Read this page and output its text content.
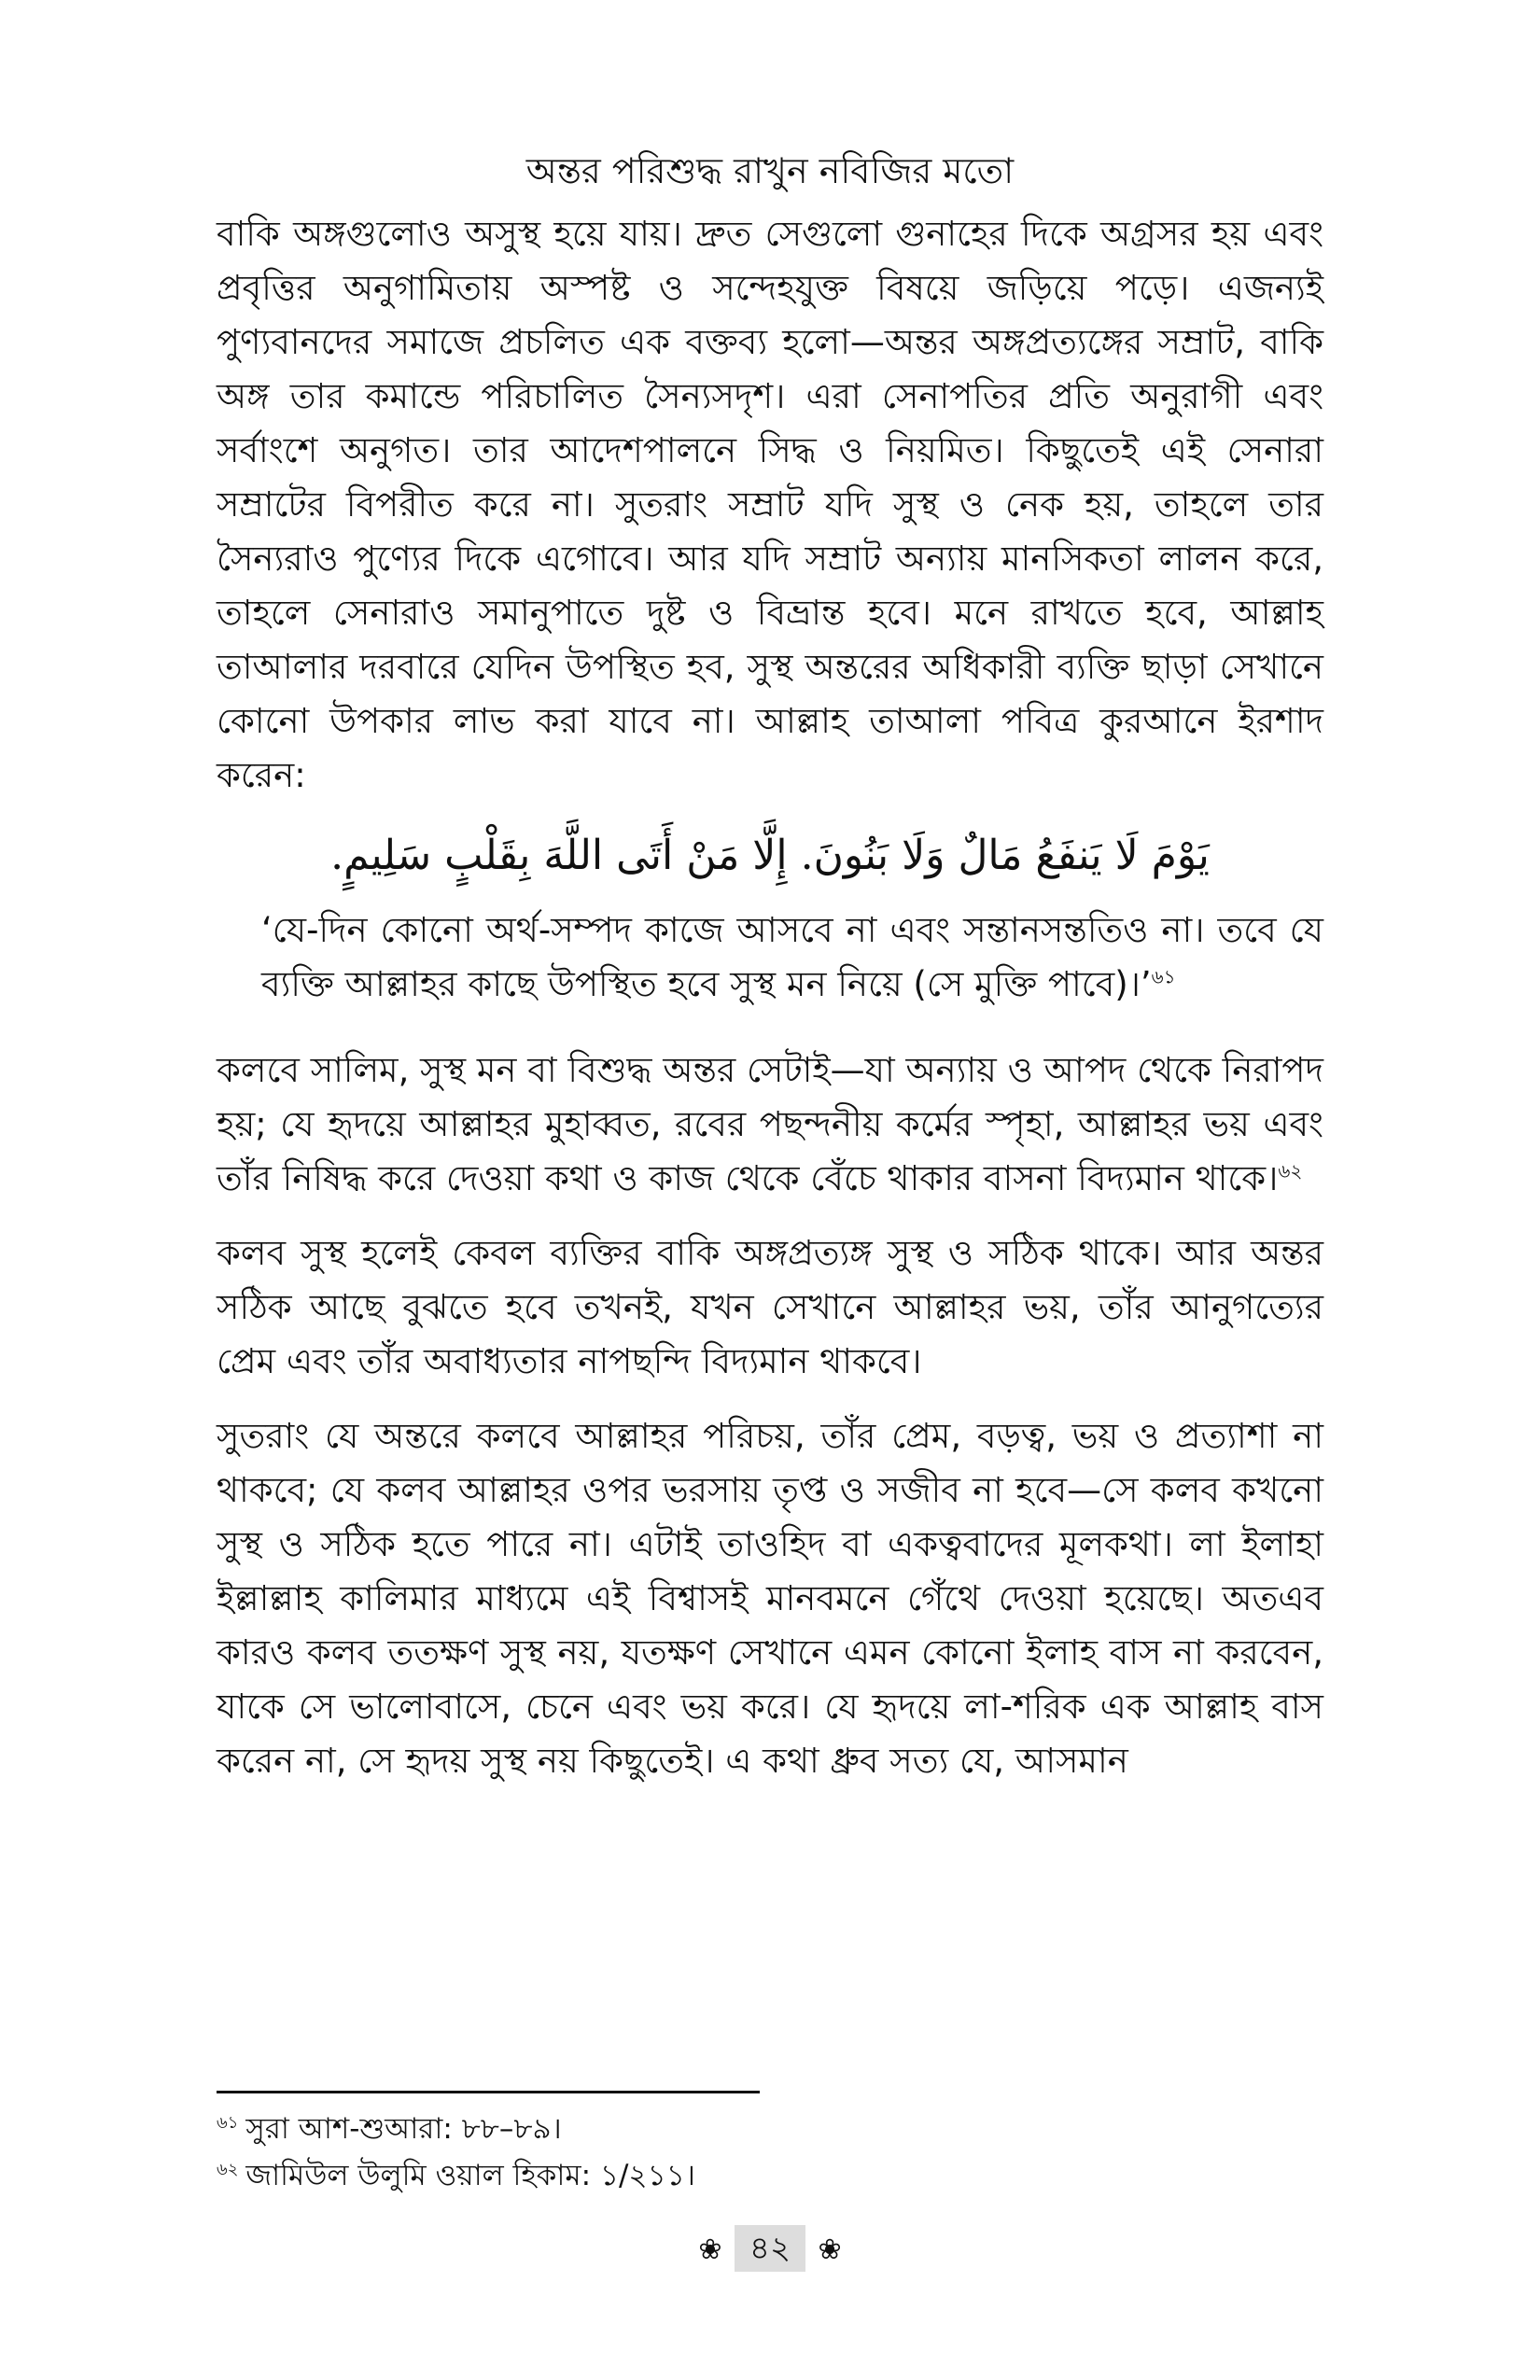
অন্তর পরিশুদ্ধ রাখুন নবিজির মতো

বাকি অঙ্গগুলোও অসুস্থ হয়ে যায়। দ্রুত সেগুলো গুনাহের দিকে অগ্রসর হয় এবং প্রবৃত্তির অনুগামিতায় অস্পষ্ট ও সন্দেহযুক্ত বিষয়ে জড়িয়ে পড়ে। এজন্যই পুণ্যবানদের সমাজে প্রচলিত এক বক্তব্য হলো—অন্তর অঙ্গপ্রত্যঙ্গের সম্রাট, বাকি অঙ্গ তার কমান্ডে পরিচালিত সৈন্যসদৃশ। এরা সেনাপতির প্রতি অনুরাগী এবং সর্বাংশে অনুগত। তার আদেশপালনে সিদ্ধ ও নিয়মিত। কিছুতেই এই সেনারা সম্রাটের বিপরীত করে না। সুতরাং সম্রাট যদি সুস্থ ও নেক হয়, তাহলে তার সৈন্যরাও পুণ্যের দিকে এগোবে। আর যদি সম্রাট অন্যায় মানসিকতা লালন করে, তাহলে সেনারাও সমানুপাতে দুষ্ট ও বিভ্রান্ত হবে। মনে রাখতে হবে, আল্লাহ তাআলার দরবারে যেদিন উপস্থিত হব, সুস্থ অন্তরের অধিকারী ব্যক্তি ছাড়া সেখানে কোনো উপকার লাভ করা যাবে না। আল্লাহ তাআলা পবিত্র কুরআনে ইরশাদ করেন:

يَوْمَ لَا يَنفَعُ مَالٌ وَلَا بَنُونَ. إِلَّا مَنْ أَتَى اللَّهَ بِقَلْبٍ سَلِيمٍ.

‘যে-দিন কোনো অর্থ-সম্পদ কাজে আসবে না এবং সন্তানসন্ততিও না। তবে যে ব্যক্তি আল্লাহর কাছে উপস্থিত হবে সুস্থ মন নিয়ে (সে মুক্তি পাবে)।’$^{৬১}$

কলবে সালিম, সুস্থ মন বা বিশুদ্ধ অন্তর সেটাই—যা অন্যায় ও আপদ থেকে নিরাপদ হয়; যে হৃদয়ে আল্লাহর মুহাব্বত, রবের পছন্দনীয় কর্মের স্পৃহা, আল্লাহর ভয় এবং তাঁর নিষিদ্ধ করে দেওয়া কথা ও কাজ থেকে বেঁচে থাকার বাসনা বিদ্যমান থাকে।$^{৬২}$

কলব সুস্থ হলেই কেবল ব্যক্তির বাকি অঙ্গপ্রত্যঙ্গ সুস্থ ও সঠিক থাকে। আর অন্তর সঠিক আছে বুঝতে হবে তখনই, যখন সেখানে আল্লাহর ভয়, তাঁর আনুগত্যের প্রেম এবং তাঁর অবাধ্যতার নাপছন্দি বিদ্যমান থাকবে।

সুতরাং যে অন্তরে কলবে আল্লাহর পরিচয়, তাঁর প্রেম, বড়ত্ব, ভয় ও প্রত্যাশা না থাকবে; যে কলব আল্লাহর ওপর ভরসায় তৃপ্ত ও সজীব না হবে—সে কলব কখনো সুস্থ ও সঠিক হতে পারে না। এটাই তাওহিদ বা একত্ববাদের মূলকথা। লা ইলাহা ইল্লাল্লাহ কালিমার মাধ্যমে এই বিশ্বাসই মানবমনে গেঁথে দেওয়া হয়েছে। অতএব কারও কলব ততক্ষণ সুস্থ নয়, যতক্ষণ সেখানে এমন কোনো ইলাহ বাস না করবেন, যাকে সে ভালোবাসে, চেনে এবং ভয় করে। যে হৃদয়ে লা-শরিক এক আল্লাহ বাস করেন না, সে হৃদয় সুস্থ নয় কিছুতেই। এ কথা ধ্রুব সত্য যে, আসমান

$^{৬১}$ সুরা আশ-শুআরা: ৮৮–৮৯।
$^{৬২}$ জামিউল উলুমি ওয়াল হিকাম: ১/২১১।
❀ ৪২ ❀
